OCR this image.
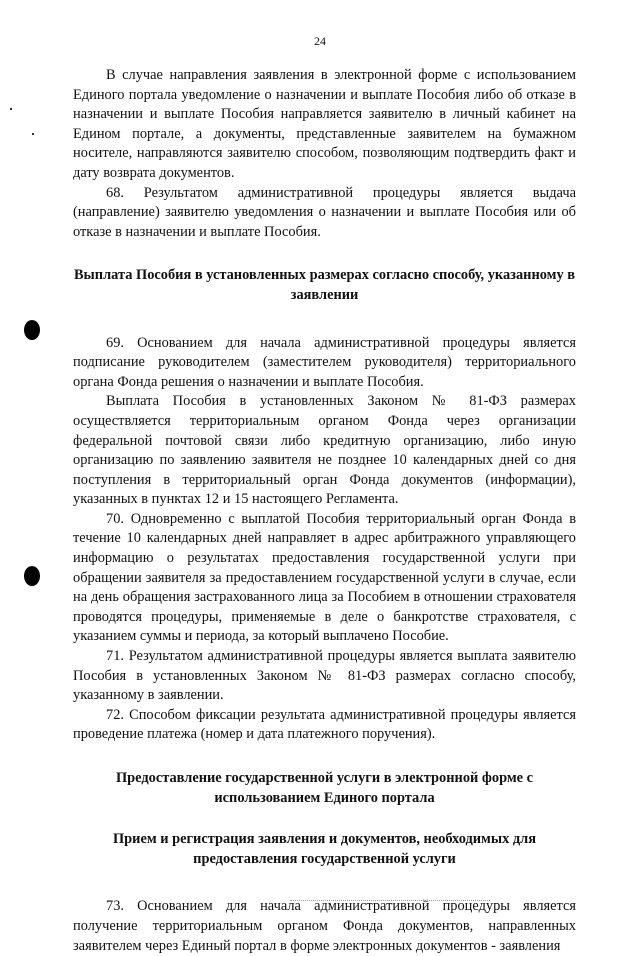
24

В случае направления заявления в электронной форме с использованием Единого портала уведомление о назначении и выплате Пособия либо об отказе в назначении и выплате Пособия направляется заявителю в личный кабинет на Едином портале, а документы, представленные заявителем на бумажном носителе, направляются заявителю способом, позволяющим подтвердить факт и дату возврата документов.

68. Результатом административной процедуры является выдача (направление) заявителю уведомления о назначении и выплате Пособия или об отказе в назначении и выплате Пособия.

Выплата Пособия в установленных размерах согласно способу, указанному в заявлении

69. Основанием для начала административной процедуры является подписание руководителем (заместителем руководителя) территориального органа Фонда решения о назначении и выплате Пособия.

Выплата Пособия в установленных Законом № 81-ФЗ размерах осуществляется территориальным органом Фонда через организации федеральной почтовой связи либо кредитную организацию, либо иную организацию по заявлению заявителя не позднее 10 календарных дней со дня поступления в территориальный орган Фонда документов (информации), указанных в пунктах 12 и 15 настоящего Регламента.

70. Одновременно с выплатой Пособия территориальный орган Фонда в течение 10 календарных дней направляет в адрес арбитражного управляющего информацию о результатах предоставления государственной услуги при обращении заявителя за предоставлением государственной услуги в случае, если на день обращения застрахованного лица за Пособием в отношении страхователя проводятся процедуры, применяемые в деле о банкротстве страхователя, с указанием суммы и периода, за который выплачено Пособие.

71. Результатом административной процедуры является выплата заявителю Пособия в установленных Законом № 81-ФЗ размерах согласно способу, указанному в заявлении.

72. Способом фиксации результата административной процедуры является проведение платежа (номер и дата платежного поручения).

Предоставление государственной услуги в электронной форме с использованием Единого портала
Прием и регистрация заявления и документов, необходимых для предоставления государственной услуги

73. Основанием для начала административной процедуры является получение территориальным органом Фонда документов, направленных заявителем через Единый портал в форме электронных документов - заявления
